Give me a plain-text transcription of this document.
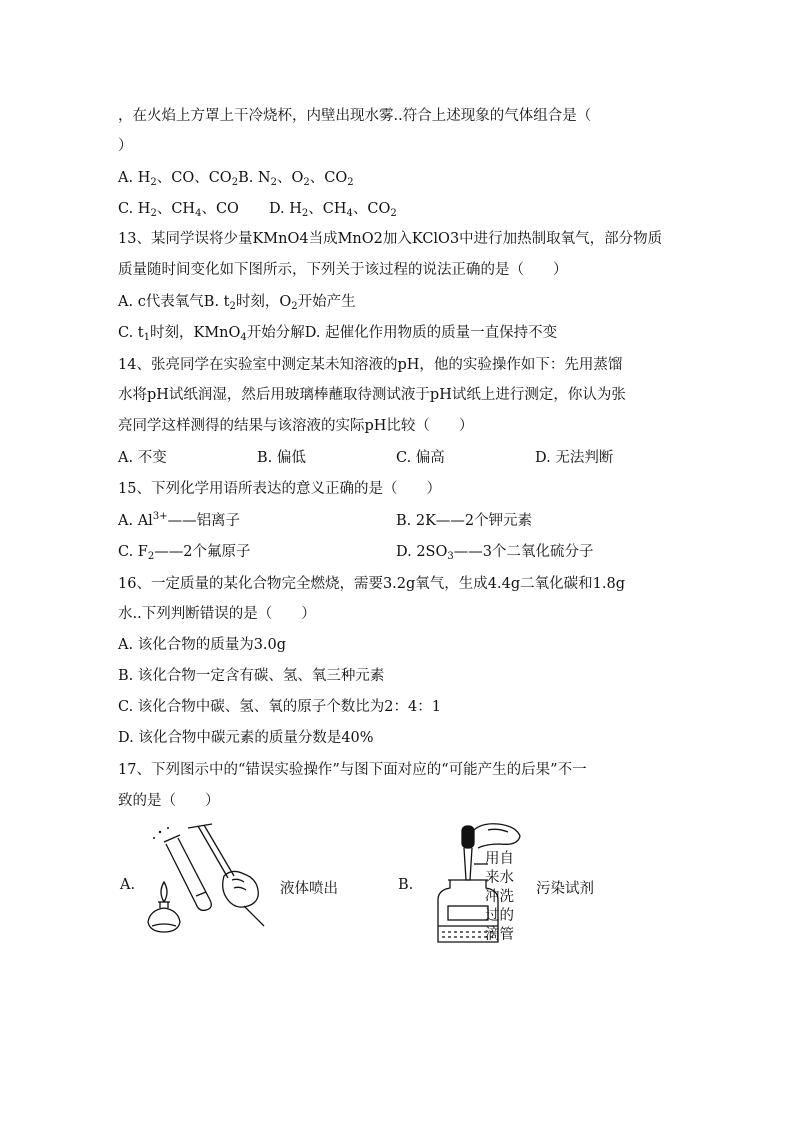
，在火焰上方罩上干冷烧杯，内壁出现水雾..符合上述现象的气体组合是（
）
A. $H_2$、CO、$CO_2B$. $N_2$、$O_2$、$CO_2$
C. $H_2$、$CH_4$、CO D. $H_2$、$CH_4$、$CO_2$
13、某同学误将少量KMnO4当成MnO2加入KClO3中进行加热制取氧气，部分物质
质量随时间变化如下图所示，下列关于该过程的说法正确的是（　　）
A. c代表氧气B. $t_2$时刻，$O_2$开始产生
C. $t_1$时刻，KMnO$_4$开始分解D. 起催化作用物质的质量一直保持不变
14、张亮同学在实验室中测定某未知溶液的pH，他的实验操作如下：先用蒸馏
水将pH试纸润湿，然后用玻璃棒蘸取待测试液于pH试纸上进行测定，你认为张
亮同学这样测得的结果与该溶液的实际pH比较（　　）
A. 不变	B. 偏低	C. 偏高	D. 无法判断
15、下列化学用语所表达的意义正确的是（　　）
A. $Al^{3+}——$铝离子	B. 2K——2个钾元素
C. $F_2——2$个氟原子	D. $2SO_3——3$个二氧化硫分子
16、一定质量的某化合物完全燃烧，需要3.2g氧气，生成4.4g二氧化碳和1.8g
水..下列判断错误的是（　　）
A. 该化合物的质量为3.0g
B. 该化合物一定含有碳、氢、氧三种元素
C. 该化合物中碳、氢、氧的原子个数比为2：4：1
D. 该化合物中碳元素的质量分数是40%
17、下列图示中的“错误实验操作”与图下面对应的“可能产生的后果”不一
致的是（　　）
A.	液体喷出	B.
用自
来水
冲洗
过的
滴管
污染试剂
